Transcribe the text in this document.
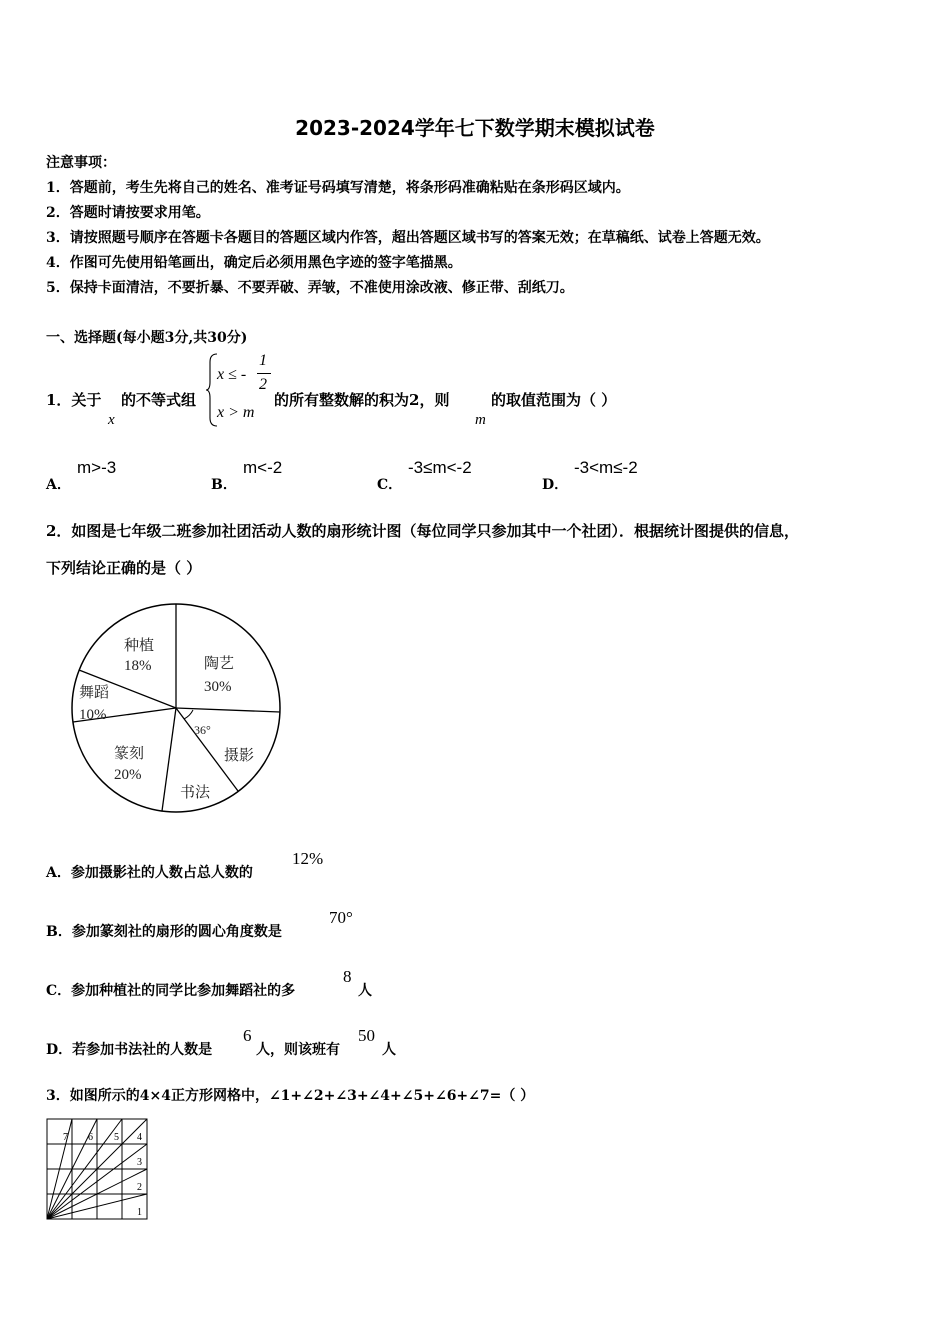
2023-2024学年七下数学期末模拟试卷
注意事项：
1．答题前，考生先将自己的姓名、准考证号码填写清楚，将条形码准确粘贴在条形码区域内。
2．答题时请按要求用笔。
3．请按照题号顺序在答题卡各题目的答题区域内作答，超出答题区域书写的答案无效；在草稿纸、试卷上答题无效。
4．作图可先使用铅笔画出，确定后必须用黑色字迹的签字笔描黑。
5．保持卡面清洁，不要折暴、不要弄破、弄皱，不准使用涂改液、修正带、刮纸刀。
一、选择题(每小题3分,共30分)
1．关于
x
的不等式组
x ≤ -
1
2
x > m
的所有整数解的积为2，则
m
的取值范围为（ ）
A．
m>-3
B．
m<-2
C．
-3≤m<-2
D．
-3<m≤-2
2．如图是七年级二班参加社团活动人数的扇形统计图（每位同学只参加其中一个社团）．根据统计图提供的信息，
下列结论正确的是（ ）
种植
18%	陶艺
30%
舞蹈
10%
篆刻
20%
书法
摄影
36°
A．参加摄影社的人数占总人数的
12%
B．参加篆刻社的扇形的圆心角度数是
70°
C．参加种植社的同学比参加舞蹈社的多
8
人
D．若参加书法社的人数是
6
人，则该班有
50
人
3．如图所示的4×4正方形网格中，∠1+∠2+∠3+∠4+∠5+∠6+∠7=（ ）
1
2
3
4
5
6
7
